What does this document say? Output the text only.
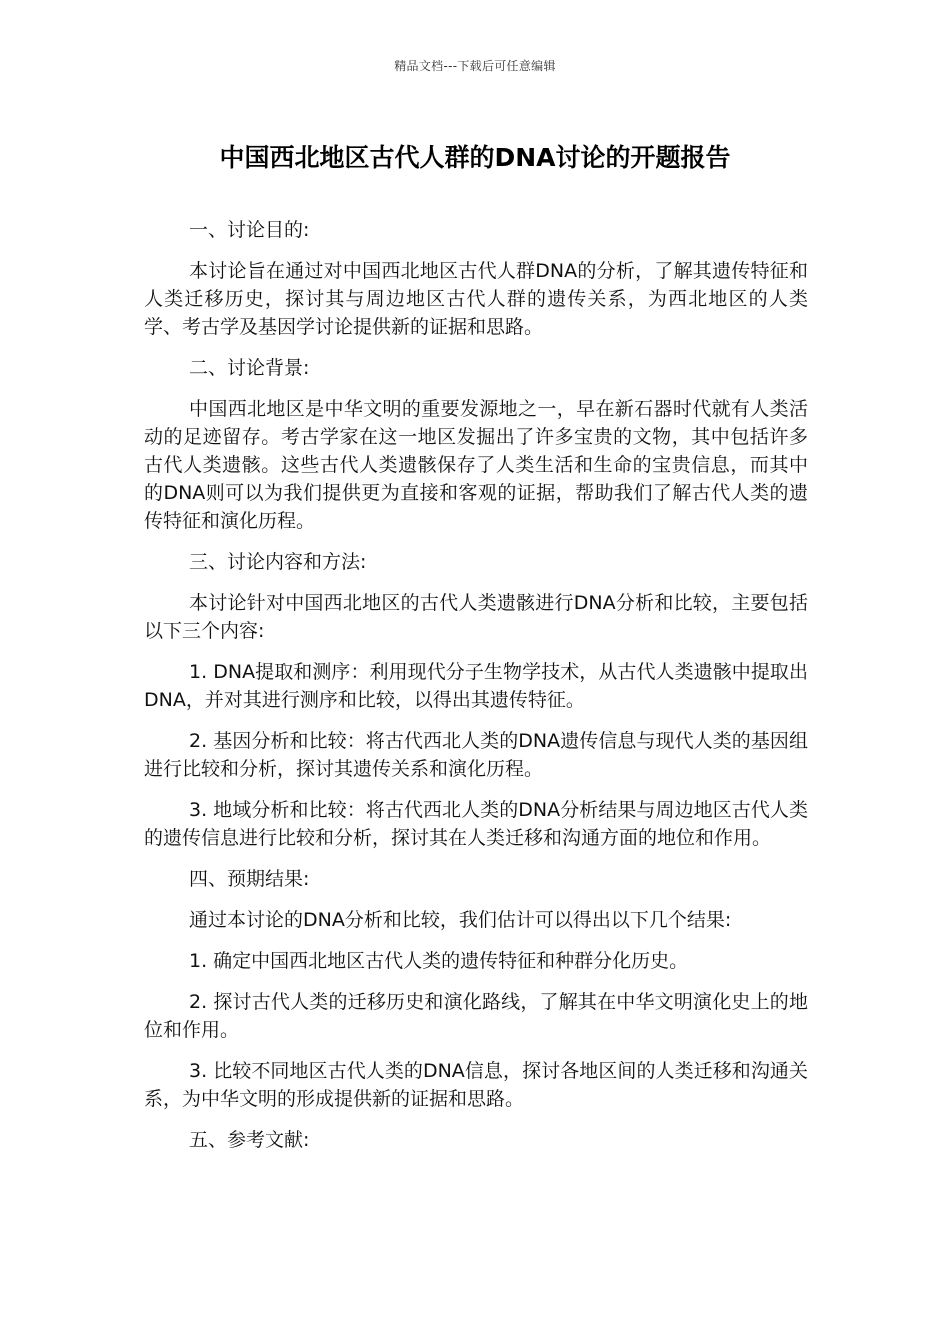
精品文档---下载后可任意编辑
中国西北地区古代人群的DNA讨论的开题报告

一、讨论目的:

本讨论旨在通过对中国西北地区古代人群DNA的分析，了解其遗传特征和人类迁移历史，探讨其与周边地区古代人群的遗传关系，为西北地区的人类学、考古学及基因学讨论提供新的证据和思路。

二、讨论背景:

中国西北地区是中华文明的重要发源地之一，早在新石器时代就有人类活动的足迹留存。考古学家在这一地区发掘出了许多宝贵的文物，其中包括许多古代人类遗骸。这些古代人类遗骸保存了人类生活和生命的宝贵信息，而其中的DNA则可以为我们提供更为直接和客观的证据，帮助我们了解古代人类的遗传特征和演化历程。

三、讨论内容和方法:

本讨论针对中国西北地区的古代人类遗骸进行DNA分析和比较，主要包括以下三个内容:

1. DNA提取和测序：利用现代分子生物学技术，从古代人类遗骸中提取出DNA，并对其进行测序和比较，以得出其遗传特征。

2. 基因分析和比较：将古代西北人类的DNA遗传信息与现代人类的基因组进行比较和分析，探讨其遗传关系和演化历程。

3. 地域分析和比较：将古代西北人类的DNA分析结果与周边地区古代人类的遗传信息进行比较和分析，探讨其在人类迁移和沟通方面的地位和作用。

四、预期结果:

通过本讨论的DNA分析和比较，我们估计可以得出以下几个结果:

1. 确定中国西北地区古代人类的遗传特征和种群分化历史。

2. 探讨古代人类的迁移历史和演化路线，了解其在中华文明演化史上的地位和作用。

3. 比较不同地区古代人类的DNA信息，探讨各地区间的人类迁移和沟通关系，为中华文明的形成提供新的证据和思路。

五、参考文献:
